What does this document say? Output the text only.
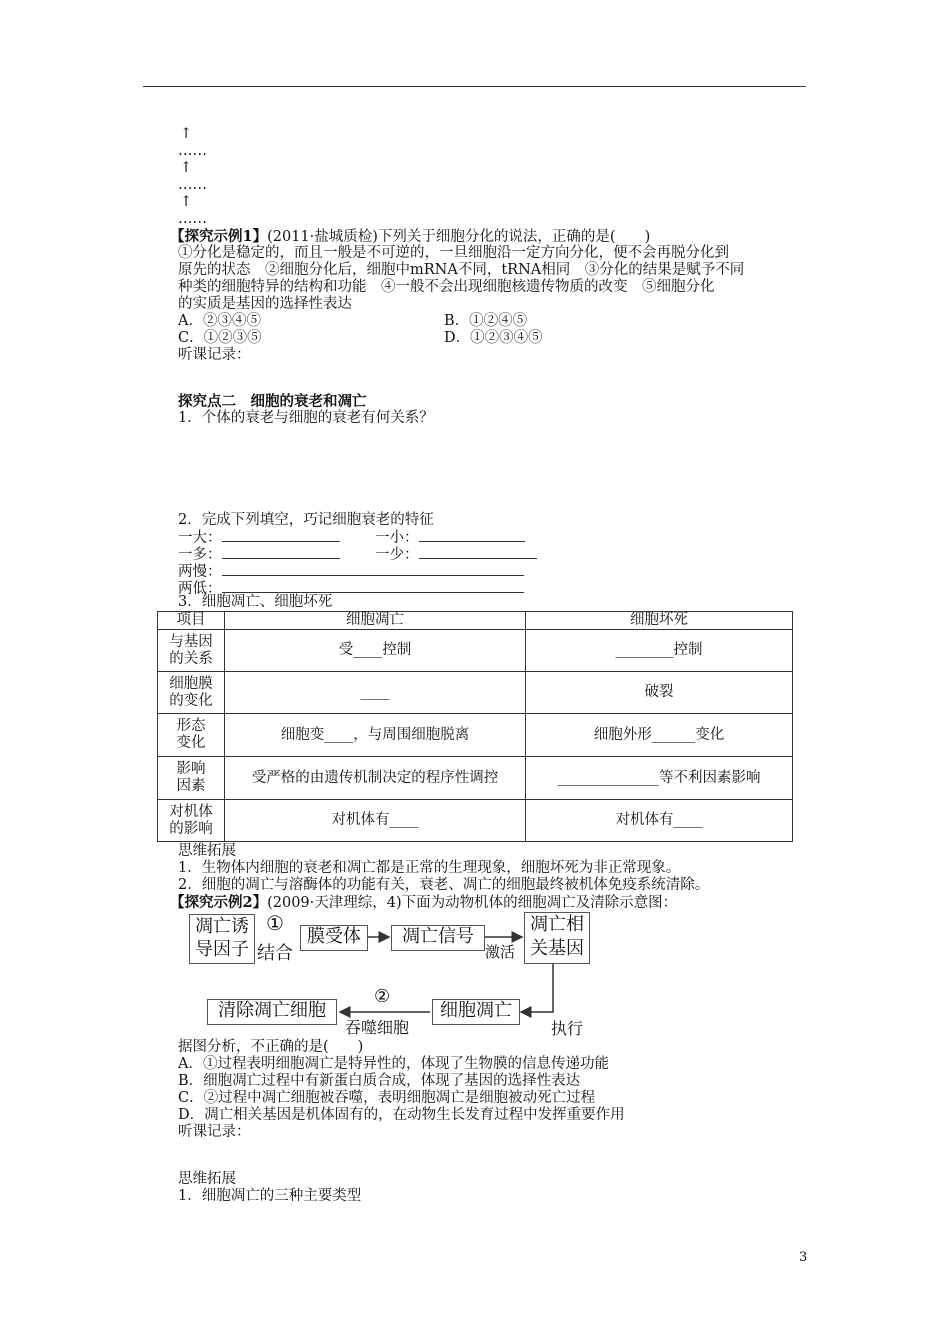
↑
……
↑
……
↑
……
【探究示例1】(2011·盐城质检)下列关于细胞分化的说法，正确的是(　　)
①分化是稳定的，而且一般是不可逆的，一旦细胞沿一定方向分化，便不会再脱分化到
原先的状态　②细胞分化后，细胞中mRNA不同，tRNA相同　③分化的结果是赋予不同
种类的细胞特异的结构和功能　④一般不会出现细胞核遗传物质的改变　⑤细胞分化
的实质是基因的选择性表达
A．②③④⑤	B．①②④⑤
C．①②③⑤	D．①②③④⑤
听课记录：
探究点二　细胞的衰老和凋亡
1．个体的衰老与细胞的衰老有何关系？
2．完成下列填空，巧记细胞衰老的特征
一大：	一小：
一多：	一少：
两慢：
两低：
3．细胞凋亡、细胞坏死
项目	细胞凋亡	细胞坏死

与基因的关系	受____控制	________控制

细胞膜的变化	____	破裂

形态变化	细胞变____，与周围细胞脱离	细胞外形______变化

影响因素	受严格的由遗传机制决定的程序性调控	______________等不利因素影响

对机体的影响	对机体有____	对机体有____
思维拓展
1．生物体内细胞的衰老和凋亡都是正常的生理现象，细胞坏死为非正常现象。
2．细胞的凋亡与溶酶体的功能有关，衰老、凋亡的细胞最终被机体免疫系统清除。
【探究示例2】(2009·天津理综，4)下面为动物机体的细胞凋亡及清除示意图：
凋亡诱
导因子
①
结合
膜受体	凋亡信号
激活
凋亡相
关基因
执行
细胞凋亡
②
吞噬细胞
清除凋亡细胞
据图分析，不正确的是(　　)
A．①过程表明细胞凋亡是特异性的，体现了生物膜的信息传递功能
B．细胞凋亡过程中有新蛋白质合成，体现了基因的选择性表达
C．②过程中凋亡细胞被吞噬，表明细胞凋亡是细胞被动死亡过程
D．凋亡相关基因是机体固有的，在动物生长发育过程中发挥重要作用
听课记录：
思维拓展
1．细胞凋亡的三种主要类型
3
